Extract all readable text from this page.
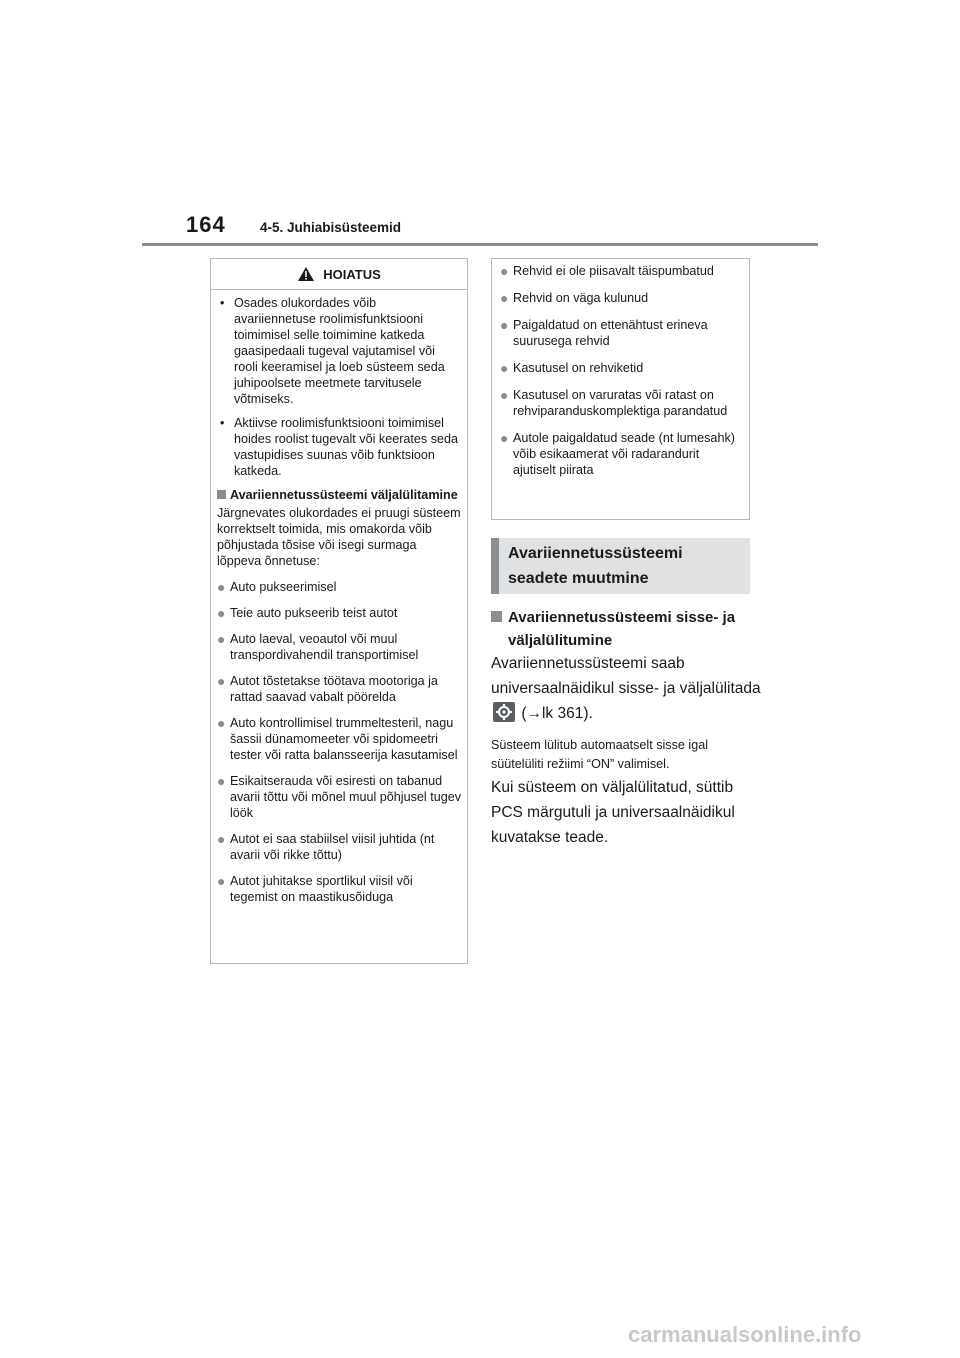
164	4-5. Juhiabisüsteemid
HOIATUS
• Osades olukordades võib avariiennetuse roolimisfunktsiooni toimimisel selle toimimine katkeda gaasipedaali tugeval vajutamisel või rooli keeramisel ja loeb süsteem seda juhipoolsete meetmete tarvitusele võtmiseks.
• Aktiivse roolimisfunktsiooni toimimisel hoides roolist tugevalt või keerates seda vastupidises suunas võib funktsioon katkeda.
Avariiennetussüsteemi väljalülitamine
Järgnevates olukordades ei pruugi süsteem korrektselt toimida, mis omakorda võib põhjustada tõsise või isegi surmaga lõppeva õnnetuse:
● Auto pukseerimisel
● Teie auto pukseerib teist autot
● Auto laeval, veoautol või muul transpordivahendil transportimisel
● Autot tõstetakse töötava mootoriga ja rattad saavad vabalt pöörelda
● Auto kontrollimisel trummeltesteril, nagu šassii dünamomeeter või spidomeetri tester või ratta balansseerija kasutamisel
● Esikaitserauda või esiresti on tabanud avarii tõttu või mõnel muul põhjusel tugev löök
● Autot ei saa stabiilsel viisil juhtida (nt avarii või rikke tõttu)
● Autot juhitakse sportlikul viisil või tegemist on maastikusõiduga
● Rehvid ei ole piisavalt täispumbatud
● Rehvid on väga kulunud
● Paigaldatud on ettenähtust erineva suurusega rehvid
● Kasutusel on rehviketid
● Kasutusel on varuratas või ratast on rehviparanduskomplektiga parandatud
● Autole paigaldatud seade (nt lumesahk) võib esikaamerat või radarandurit ajutiselt piirata
Avariiennetussüsteemi
seadete muutmine
Avariiennetussüsteemi sisse- ja väljalülitumine
Avariiennetussüsteemi saab universaalnäidikul sisse- ja väljalülitada (→lk 361).
Süsteem lülitub automaatselt sisse igal süütelüliti režiimi “ON” valimisel.
Kui süsteem on väljalülitatud, süttib PCS märgutuli ja universaalnäidikul kuvatakse teade.
carmanualsonline.info
